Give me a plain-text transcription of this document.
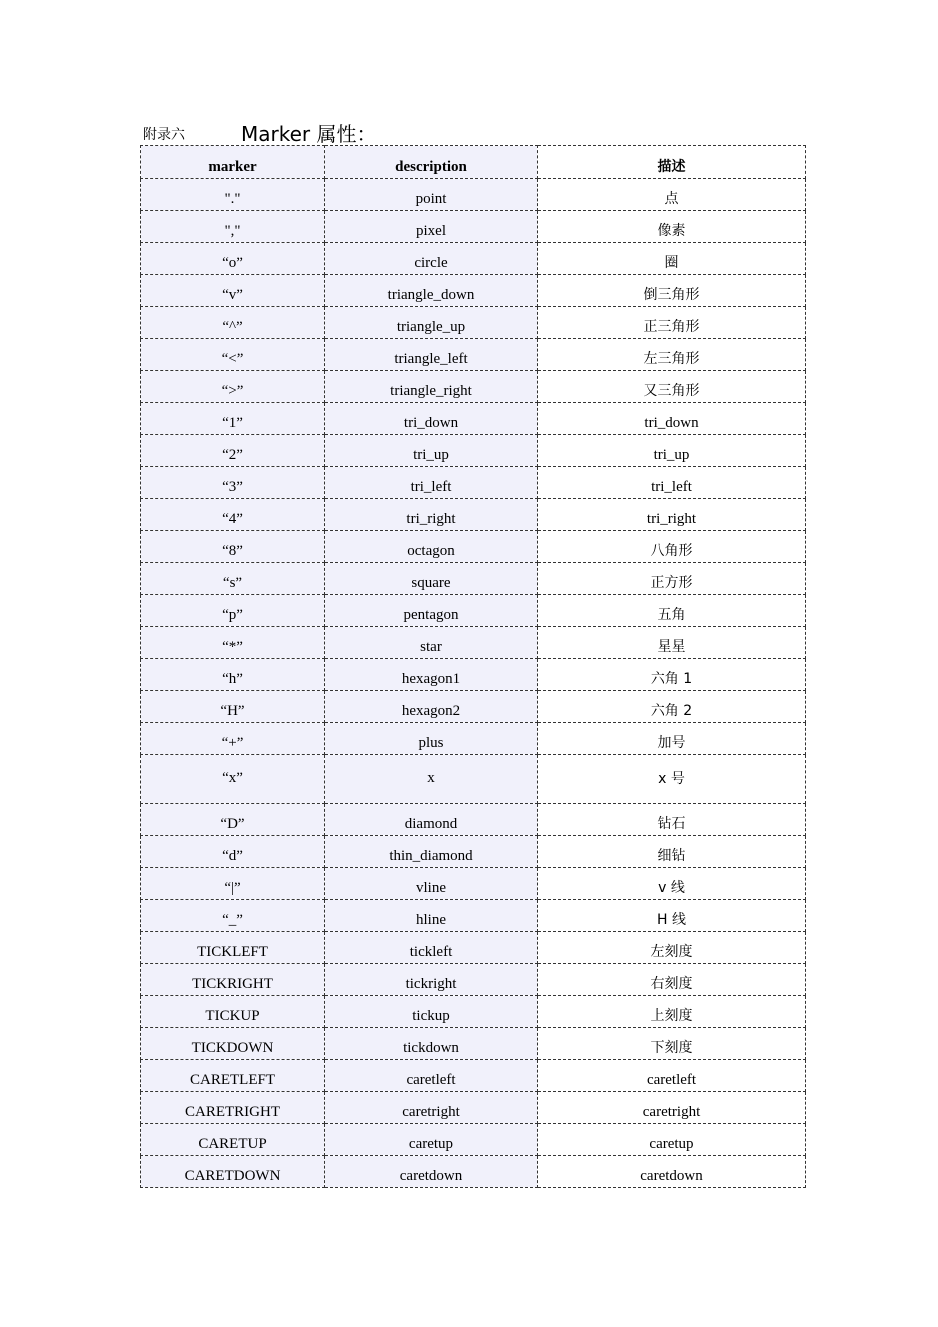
附录六	Marker 属性：
marker	description	描述
"."	point	点
","	pixel	像素
“o”	circle	圈
“v”	triangle_down	倒三角形
“^”	triangle_up	正三角形
“<”	triangle_left	左三角形
“>”	triangle_right	又三角形
“1”	tri_down	tri_down
“2”	tri_up	tri_up
“3”	tri_left	tri_left
“4”	tri_right	tri_right
“8”	octagon	八角形
“s”	square	正方形
“p”	pentagon	五角
“*”	star	星星
“h”	hexagon1	六角 1
“H”	hexagon2	六角 2
“+”	plus	加号
“x”	x	x 号
“D”	diamond	钻石
“d”	thin_diamond	细钻
“|”	vline	v 线
“_”	hline	H 线
TICKLEFT	tickleft	左刻度
TICKRIGHT	tickright	右刻度
TICKUP	tickup	上刻度
TICKDOWN	tickdown	下刻度
CARETLEFT	caretleft	caretleft
CARETRIGHT	caretright	caretright
CARETUP	caretup	caretup
CARETDOWN	caretdown	caretdown
